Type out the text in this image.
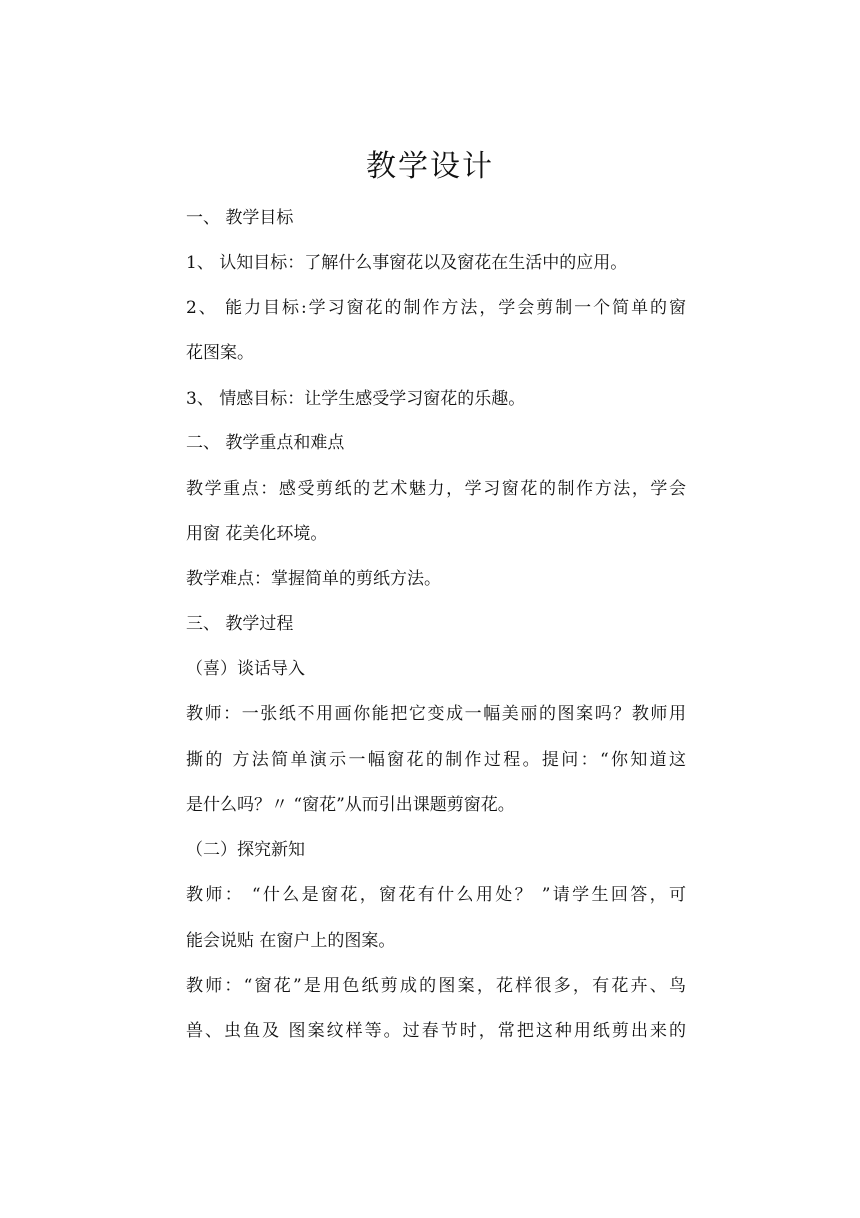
教学设计
一、 教学目标
1、 认知目标：了解什么事窗花以及窗花在生活中的应用。
2、 能力目标:学习窗花的制作方法，学会剪制一个简单的窗
花图案。
3、 情感目标：让学生感受学习窗花的乐趣。
二、 教学重点和难点
教学重点：感受剪纸的艺术魅力，学习窗花的制作方法，学会
用窗 花美化环境。
教学难点：掌握简单的剪纸方法。
三、 教学过程
（喜）谈话导入
教师：一张纸不用画你能把它变成一幅美丽的图案吗？教师用
撕的 方法简单演示一幅窗花的制作过程。提问：“你知道这
是什么吗？〃 “窗花”从而引出课题剪窗花。
（二）探究新知
教师： “什么是窗花，窗花有什么用处？ ”请学生回答，可
能会说贴 在窗户上的图案。
教师：“窗花”是用色纸剪成的图案，花样很多，有花卉、鸟
兽、虫鱼及 图案纹样等。过春节时，常把这种用纸剪出来的
